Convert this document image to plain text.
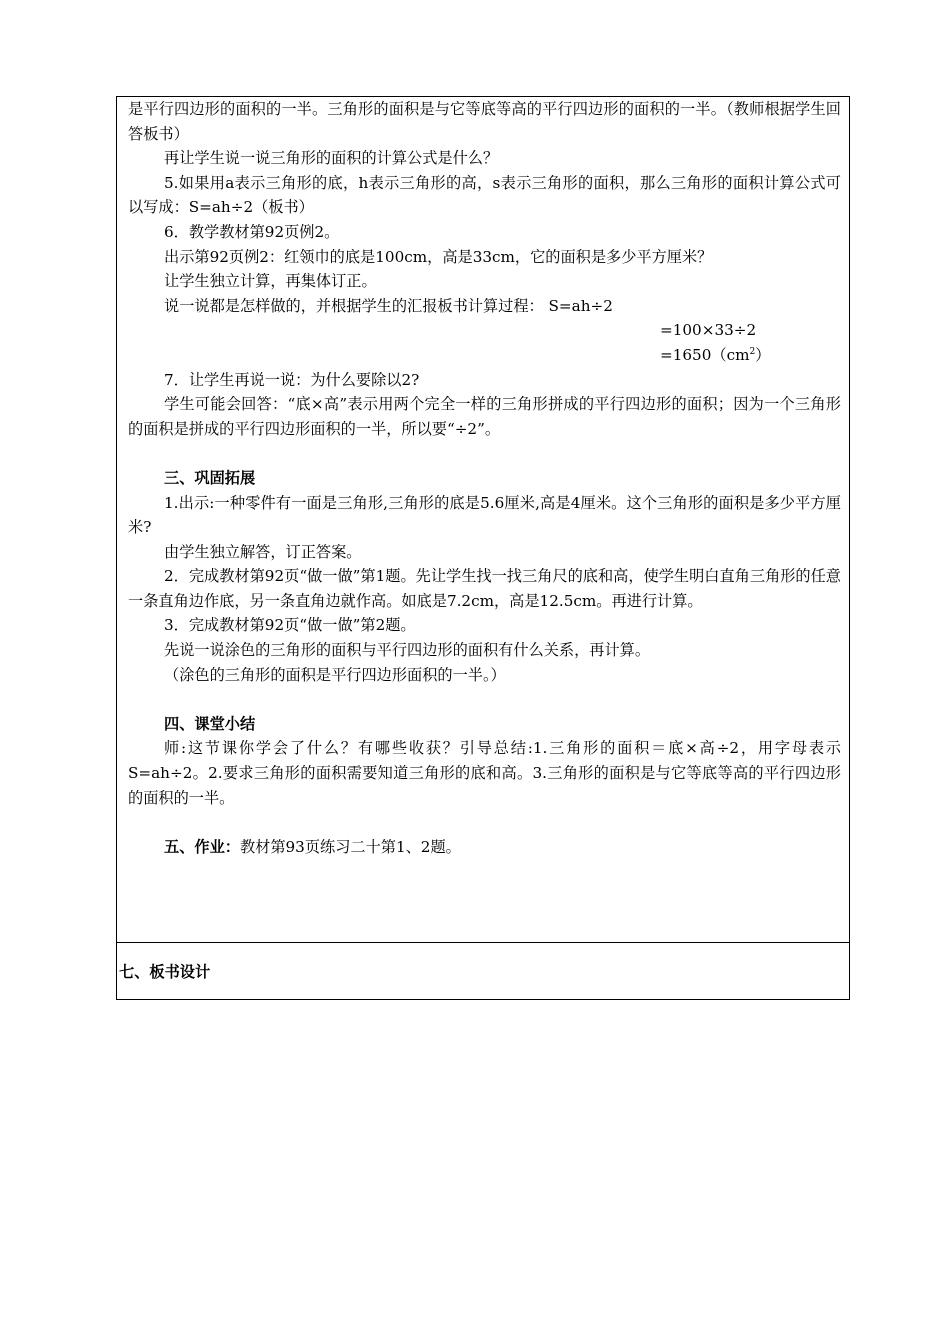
是平行四边形的面积的一半。三角形的面积是与它等底等高的平行四边形的面积的一半。（教师根据学生回答板书）

再让学生说一说三角形的面积的计算公式是什么？

5.如果用a表示三角形的底，h表示三角形的高，s表示三角形的面积，那么三角形的面积计算公式可以写成：S=ah÷2（板书）

6．教学教材第92页例2。

出示第92页例2：红领巾的底是100cm，高是33cm，它的面积是多少平方厘米？

让学生独立计算，再集体订正。

说一说都是怎样做的，并根据学生的汇报板书计算过程： S=ah÷2

=100×33÷2
$=1650(cm^2)$

7．让学生再说一说：为什么要除以2?

学生可能会回答：“底×高”表示用两个完全一样的三角形拼成的平行四边形的面积；因为一个三角形的面积是拼成的平行四边形面积的一半，所以要“÷2”。

三、巩固拓展

1.出示:一种零件有一面是三角形,三角形的底是5.6厘米,高是4厘米。这个三角形的面积是多少平方厘米?

由学生独立解答，订正答案。

2．完成教材第92页“做一做”第1题。先让学生找一找三角尺的底和高，使学生明白直角三角形的任意一条直角边作底，另一条直角边就作高。如底是7.2cm，高是12.5cm。再进行计算。

3．完成教材第92页“做一做”第2题。

先说一说涂色的三角形的面积与平行四边形的面积有什么关系，再计算。

（涂色的三角形的面积是平行四边形面积的一半。）

四、课堂小结

师:这节课你学会了什么？有哪些收获？引导总结:1.三角形的面积＝底×高÷2，用字母表示S=ah÷2。2.要求三角形的面积需要知道三角形的底和高。3.三角形的面积是与它等底等高的平行四边形的面积的一半。

五、作业：教材第93页练习二十第1、2题。

七、板书设计
